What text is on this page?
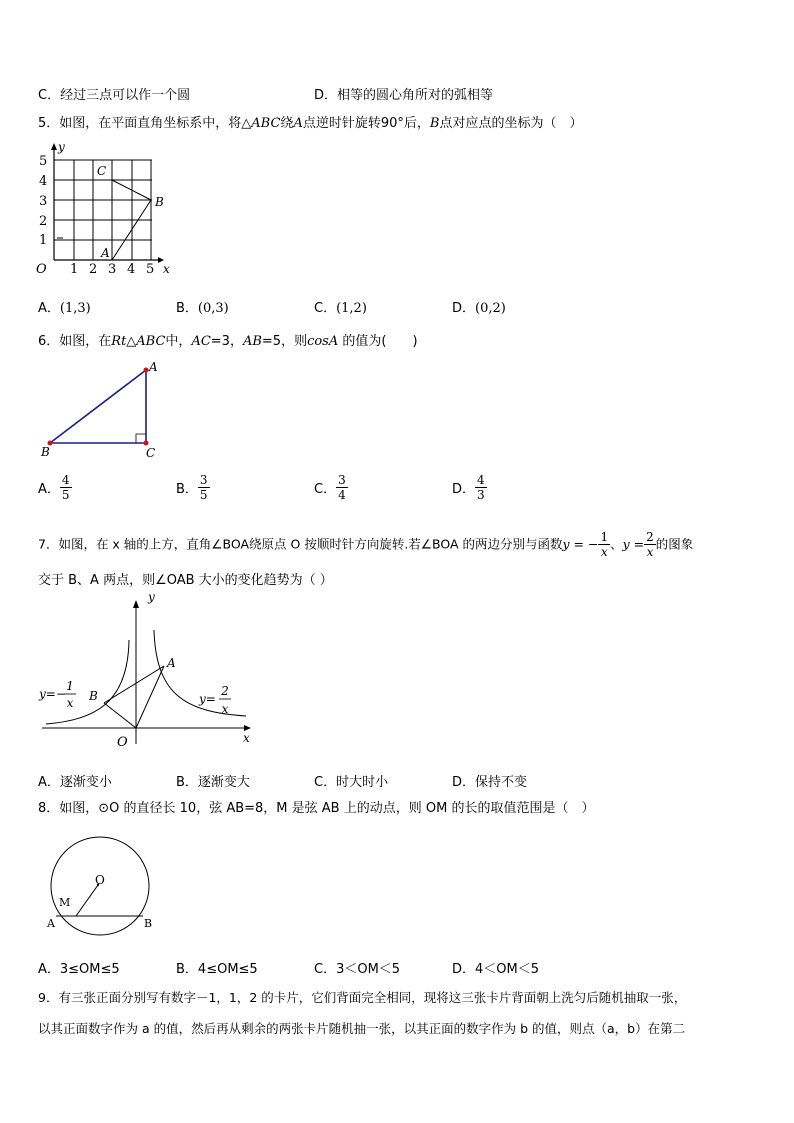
C．经过三点可以作一个圆	D．相等的圆心角所对的弧相等
5．如图，在平面直角坐标系中，将△ABC绕A点逆时针旋转90°后，B点对应点的坐标为（　）
y
x
O
5
4
3
2
1
1 2 3 4 5
A
B
C
A．(1,3)	B．(0,3)	C．(1,2)	D．(0,2)
6．如图，在Rt△ABC中，AC=3，AB=5，则cosA 的值为(　　)
A
B	C
A． $\frac{4}{5}$	B． $\frac{3}{5}$	C． $\frac{3}{4}$	D． $\frac{4}{3}$
7．如图，在 x 轴的上方，直角∠BOA绕原点 O 按顺时针方向旋转.若∠BOA 的两边分别与函数y = − $\frac{1}{x}$ 、$y = \frac{2}{x}$ 的图象
交于 B、A 两点，则∠OAB 大小的变化趋势为（ ）
y
x
O
A
B
y=−
1
x	y=
2
x
A．逐渐变小	B．逐渐变大	C．时大时小	D．保持不变
8．如图，⊙O 的直径长 10，弦 AB=8，M 是弦 AB 上的动点，则 OM 的长的取值范围是（　）
O
M
A	B
A．3≤OM≤5	B．4≤OM≤5	C．3＜OM＜5	D．4＜OM＜5
9．有三张正面分别写有数字－1，1，2 的卡片，它们背面完全相同，现将这三张卡片背面朝上洗匀后随机抽取一张，
以其正面数字作为 a 的值，然后再从剩余的两张卡片随机抽一张，以其正面的数字作为 b 的值，则点（a，b）在第二
